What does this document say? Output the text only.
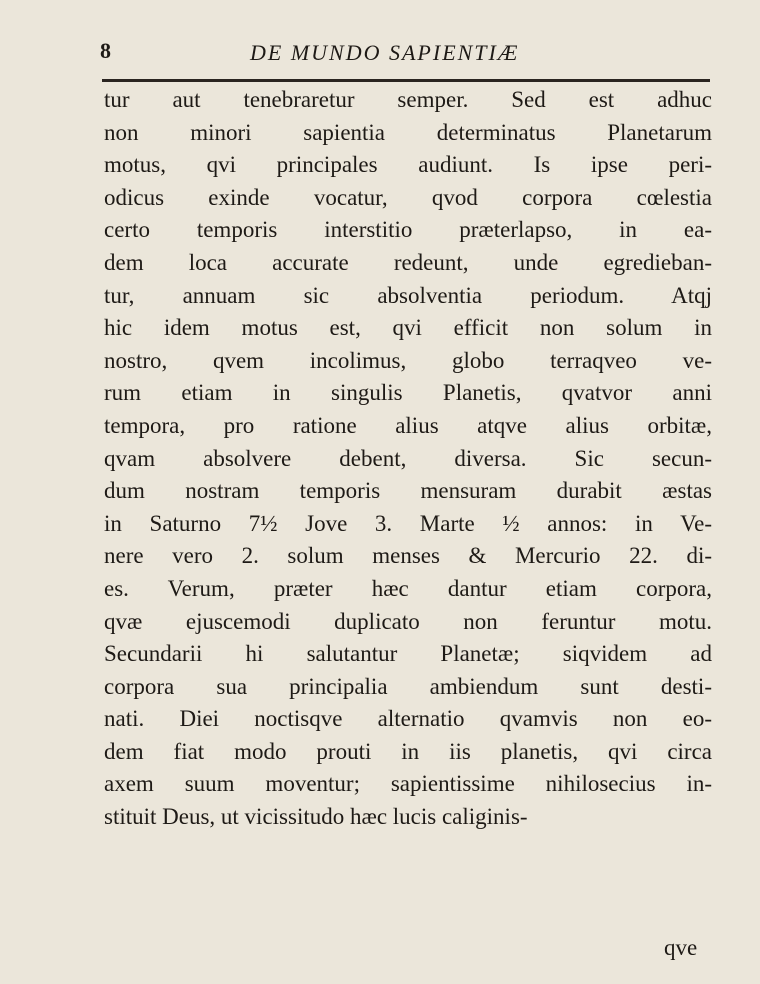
8	DE MUNDO SAPIENTIÆ
tur aut tenebraretur semper. Sed est adhuc
non minori sapientia determinatus Planetarum
motus, qvi principales audiunt. Is ipse peri-
odicus exinde vocatur, qvod corpora cœlestia
certo temporis interstitio præterlapso, in ea-
dem loca accurate redeunt, unde egredieban-
tur, annuam sic absolventia periodum. Atqj
hic idem motus est, qvi efficit non solum in
nostro, qvem incolimus, globo terraqveo ve-
rum etiam in singulis Planetis, qvatvor anni
tempora, pro ratione alius atqve alius orbitæ,
qvam absolvere debent, diversa. Sic secun-
dum nostram temporis mensuram durabit æstas
in Saturno 7½ Jove 3. Marte ½ annos: in Ve-
nere vero 2. solum menses & Mercurio 22. di-
es. Verum, præter hæc dantur etiam corpora,
qvæ ejuscemodi duplicato non feruntur motu.
Secundarii hi salutantur Planetæ; siqvidem ad
corpora sua principalia ambiendum sunt desti-
nati. Diei noctisqve alternatio qvamvis non eo-
dem fiat modo prouti in iis planetis, qvi circa
axem suum moventur; sapientissime nihilosecius in-
stituit Deus, ut vicissitudo hæc lucis caliginis-
qve
